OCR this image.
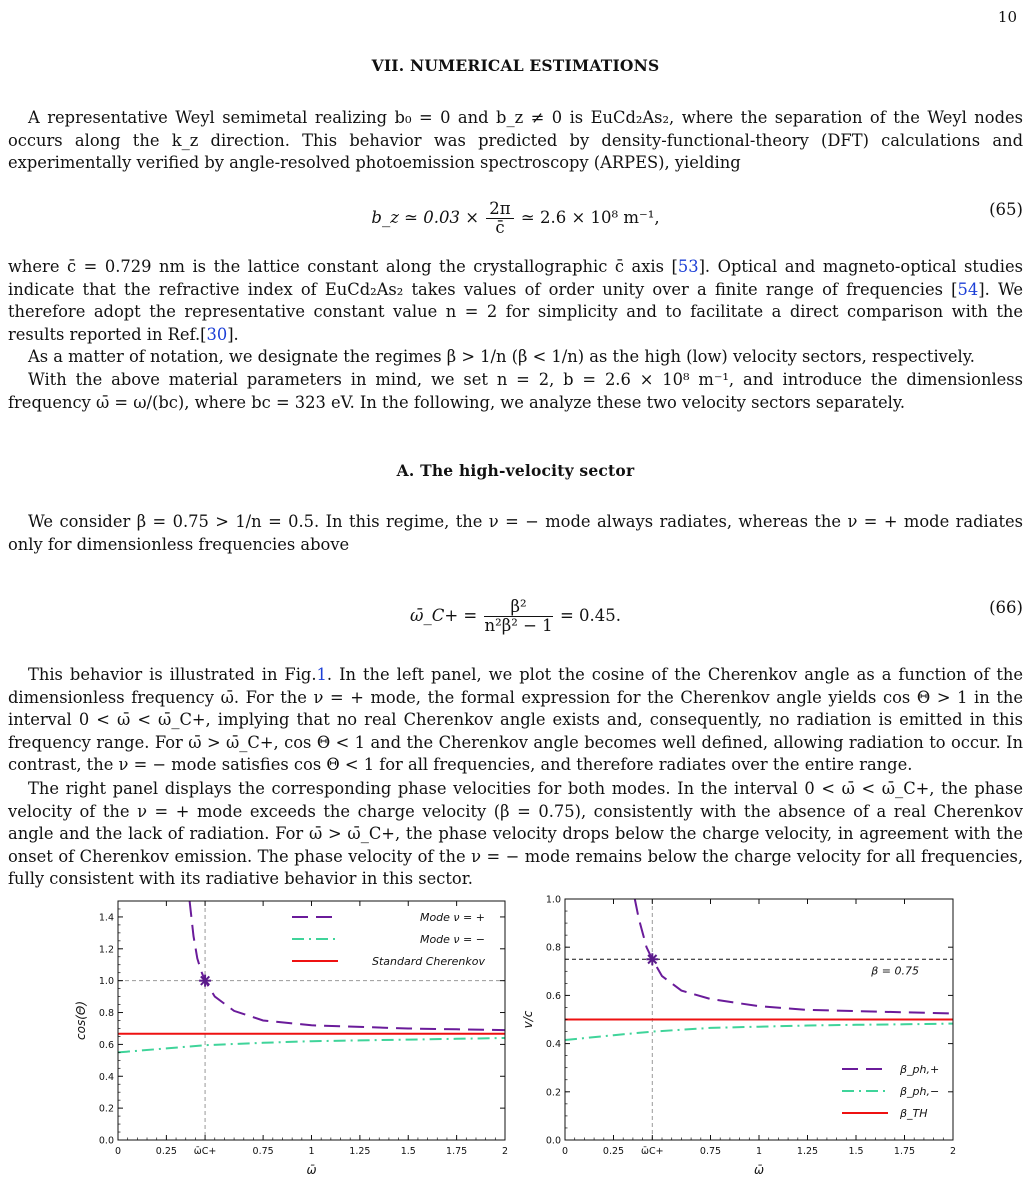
10
VII. NUMERICAL ESTIMATIONS

A representative Weyl semimetal realizing b₀ = 0 and b_z ≠ 0 is EuCd₂As₂, where the separation of the Weyl nodes occurs along the k_z direction. This behavior was predicted by density-functional-theory (DFT) calculations and experimentally verified by angle-resolved photoemission spectroscopy (ARPES), yielding

b_z ≃ $0.03 \times \frac{2\pi}{c̄}$ ≃ 2.6 × 10⁸ m⁻¹,	(65)

where c̄ = 0.729 nm is the lattice constant along the crystallographic c̄ axis [53]. Optical and magneto-optical studies indicate that the refractive index of EuCd₂As₂ takes values of order unity over a finite range of frequencies [54]. We therefore adopt the representative constant value n = 2 for simplicity and to facilitate a direct comparison with the results reported in Ref.[30].

As a matter of notation, we designate the regimes β > 1/n (β < 1/n) as the high (low) velocity sectors, respectively.

With the above material parameters in mind, we set n = 2, b = 2.6 × 10⁸ m⁻¹, and introduce the dimensionless frequency ω̄ = ω/(bc), where bc = 323 eV. In the following, we analyze these two velocity sectors separately.

A. The high-velocity sector

We consider β = 0.75 > 1/n = 0.5. In this regime, the ν = − mode always radiates, whereas the ν = + mode radiates only for dimensionless frequencies above

ω̄_C+ = $\frac{\text{β²}}{\text{n²β² − 1}} = 0.45$.	(66)

This behavior is illustrated in Fig.1. In the left panel, we plot the cosine of the Cherenkov angle as a function of the dimensionless frequency ω̄. For the ν = + mode, the formal expression for the Cherenkov angle yields cos Θ > 1 in the interval 0 < ω̄ < ω̄_C+, implying that no real Cherenkov angle exists and, consequently, no radiation is emitted in this frequency range. For ω̄ > ω̄_C+, cos Θ < 1 and the Cherenkov angle becomes well defined, allowing radiation to occur. In contrast, the ν = − mode satisfies cos Θ < 1 for all frequencies, and therefore radiates over the entire range.

The right panel displays the corresponding phase velocities for both modes. In the interval 0 < ω̄ < ω̄_C+, the phase velocity of the ν = + mode exceeds the charge velocity (β = 0.75), consistently with the absence of a real Cherenkov angle and the lack of radiation. For ω̄ > ω̄_C+, the phase velocity drops below the charge velocity, in agreement with the onset of Cherenkov emission. The phase velocity of the ν = − mode remains below the charge velocity for all frequencies, fully consistent with its radiative behavior in this sector.

0	0.25 ω̄C+	0.75	1	1.25	1.5	1.75	2
0.0
0.2
0.4
0.6
0.8
1.0
1.2
1.4
ω̄
cos(Θ)
Mode ν = +
Mode ν = −
Standard Cherenkov
0	0.25 ω̄C+	0.75	1	1.25	1.5	1.75	2
0.0
0.2
0.4
0.6
0.8
1.0
ω̄
v/c
β = 0.75
β_ph,+
β_ph,−
β_TH
